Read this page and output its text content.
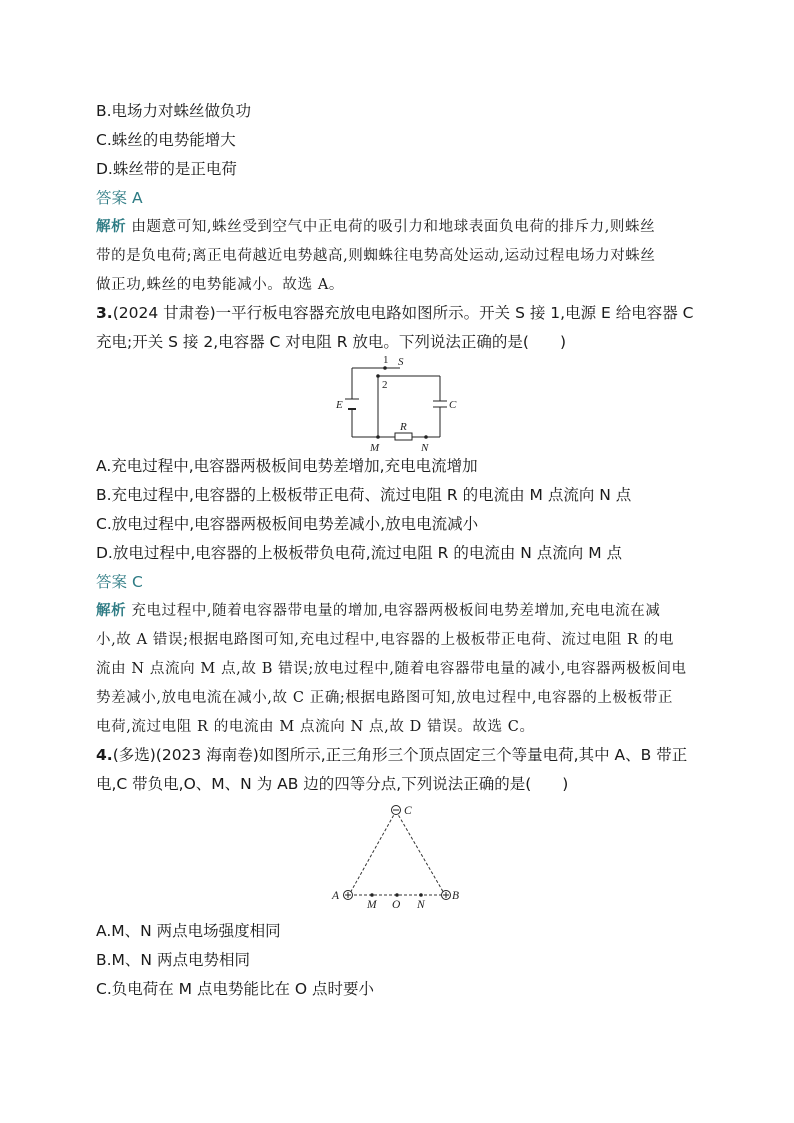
B.电场力对蛛丝做负功
C.蛛丝的电势能增大
D.蛛丝带的是正电荷
答案 A
解析 由题意可知,蛛丝受到空气中正电荷的吸引力和地球表面负电荷的排斥力,则蛛丝
带的是负电荷;离正电荷越近电势越高,则蜘蛛往电势高处运动,运动过程电场力对蛛丝
做正功,蛛丝的电势能减小。故选 A。
3.(2024 甘肃卷)一平行板电容器充放电电路如图所示。开关 S 接 1,电源 E 给电容器 C
充电;开关 S 接 2,电容器 C 对电阻 R 放电。下列说法正确的是(　　)
1 S
2
E	C
R
M	N
A.充电过程中,电容器两极板间电势差增加,充电电流增加
B.充电过程中,电容器的上极板带正电荷、流过电阻 R 的电流由 M 点流向 N 点
C.放电过程中,电容器两极板间电势差减小,放电电流减小
D.放电过程中,电容器的上极板带负电荷,流过电阻 R 的电流由 N 点流向 M 点
答案 C
解析 充电过程中,随着电容器带电量的增加,电容器两极板间电势差增加,充电电流在减
小,故 A 错误;根据电路图可知,充电过程中,电容器的上极板带正电荷、流过电阻 R 的电
流由 N 点流向 M 点,故 B 错误;放电过程中,随着电容器带电量的减小,电容器两极板间电
势差减小,放电电流在减小,故 C 正确;根据电路图可知,放电过程中,电容器的上极板带正
电荷,流过电阻 R 的电流由 M 点流向 N 点,故 D 错误。故选 C。
4.(多选)(2023 海南卷)如图所示,正三角形三个顶点固定三个等量电荷,其中 A、B 带正
电,C 带负电,O、M、N 为 AB 边的四等分点,下列说法正确的是(　　)
C
A	B
M O N
A.M、N 两点电场强度相同
B.M、N 两点电势相同
C.负电荷在 M 点电势能比在 O 点时要小
